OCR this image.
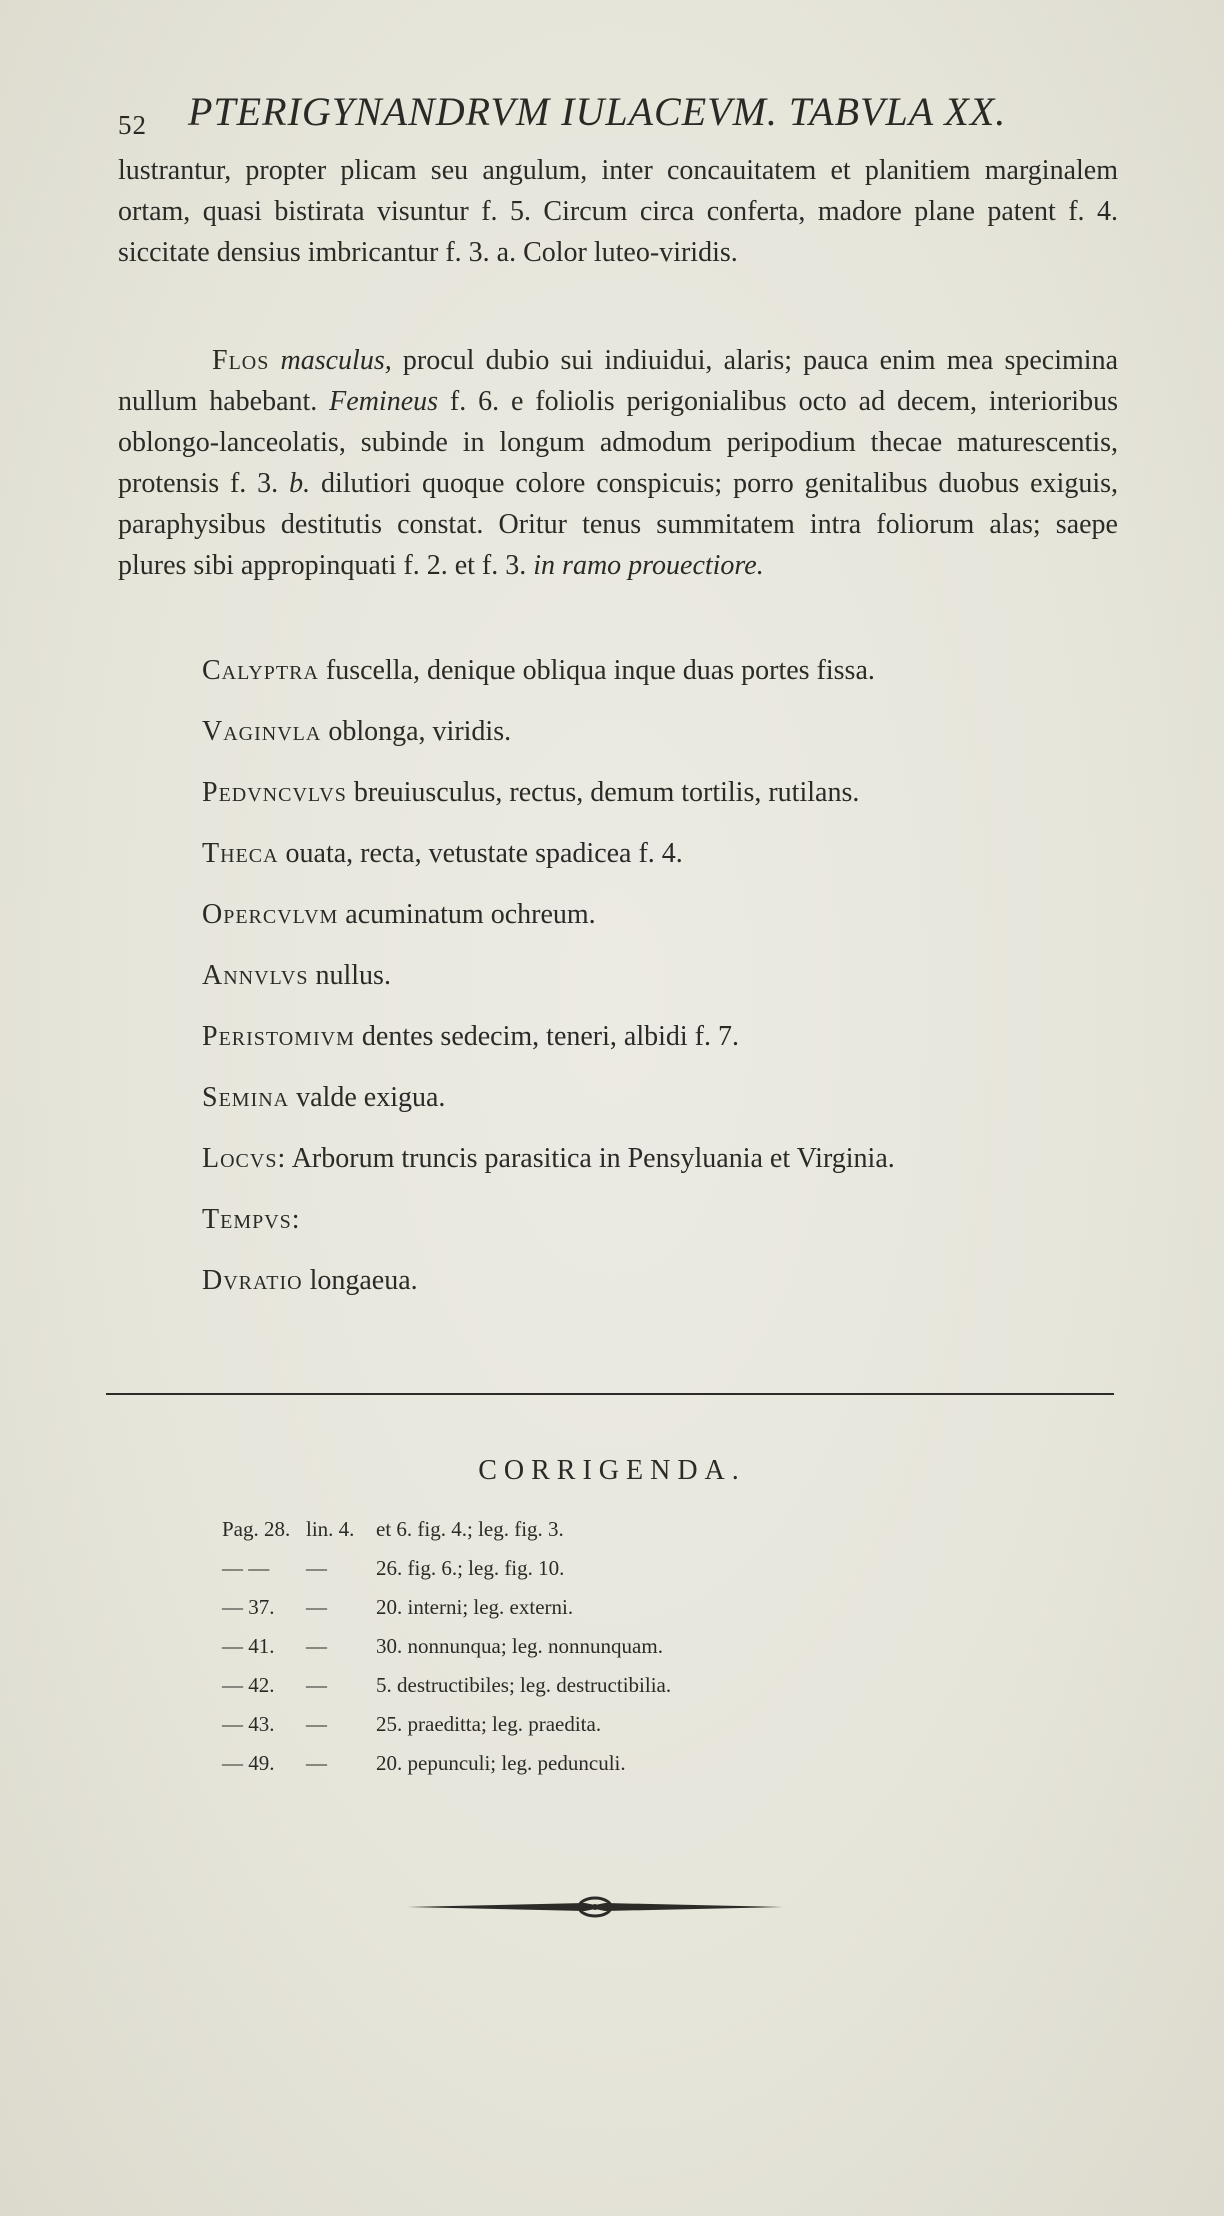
52 PTERIGYNANDRVM IULACEVM. TABVLA XX.
lustrantur, propter plicam seu angulum, inter concauitatem et planitiem marginalem ortam, quasi bistirata visuntur f. 5. Circum circa conferta, madore plane patent f. 4. siccitate densius imbricantur f. 3. a. Color luteo-viridis.
Flos masculus, procul dubio sui indiuidui, alaris; pauca enim mea specimina nullum habebant. Femineus f. 6. e foliolis perigonialibus octo ad decem, interioribus oblongo-lanceolatis, subinde in longum admodum peripodium thecae maturescentis, protensis f. 3. b. dilutiori quoque colore conspicuis; porro genitalibus duobus exiguis, paraphysibus destitutis constat. Oritur tenus summitatem intra foliorum alas; saepe plures sibi appropinquati f. 2. et f. 3. in ramo prouectiore.
Calyptra fuscella, denique obliqua inque duas portes fissa.
Vaginvla oblonga, viridis.
Pedvncvlvs breuiusculus, rectus, demum tortilis, rutilans.
Theca ouata, recta, vetustate spadicea f. 4.
Opercvlvm acuminatum ochreum.
Annvlvs nullus.
Peristomivm dentes sedecim, teneri, albidi f. 7.
Semina valde exigua.
Locvs: Arborum truncis parasitica in Pensyluania et Virginia.
Tempvs:
Dvratio longaeua.
CORRIGENDA.
Pag. 28. lin. 4. et 6. fig. 4.; leg. fig. 3.
— — — 26. fig. 6.; leg. fig. 10.
— 37. — 20. interni; leg. externi.
— 41. — 30. nonnunqua; leg. nonnunquam.
— 42. — 5. destructibiles; leg. destructibilia.
— 43. — 25. praeditta; leg. praedita.
— 49. — 20. pepunculi; leg. pedunculi.
